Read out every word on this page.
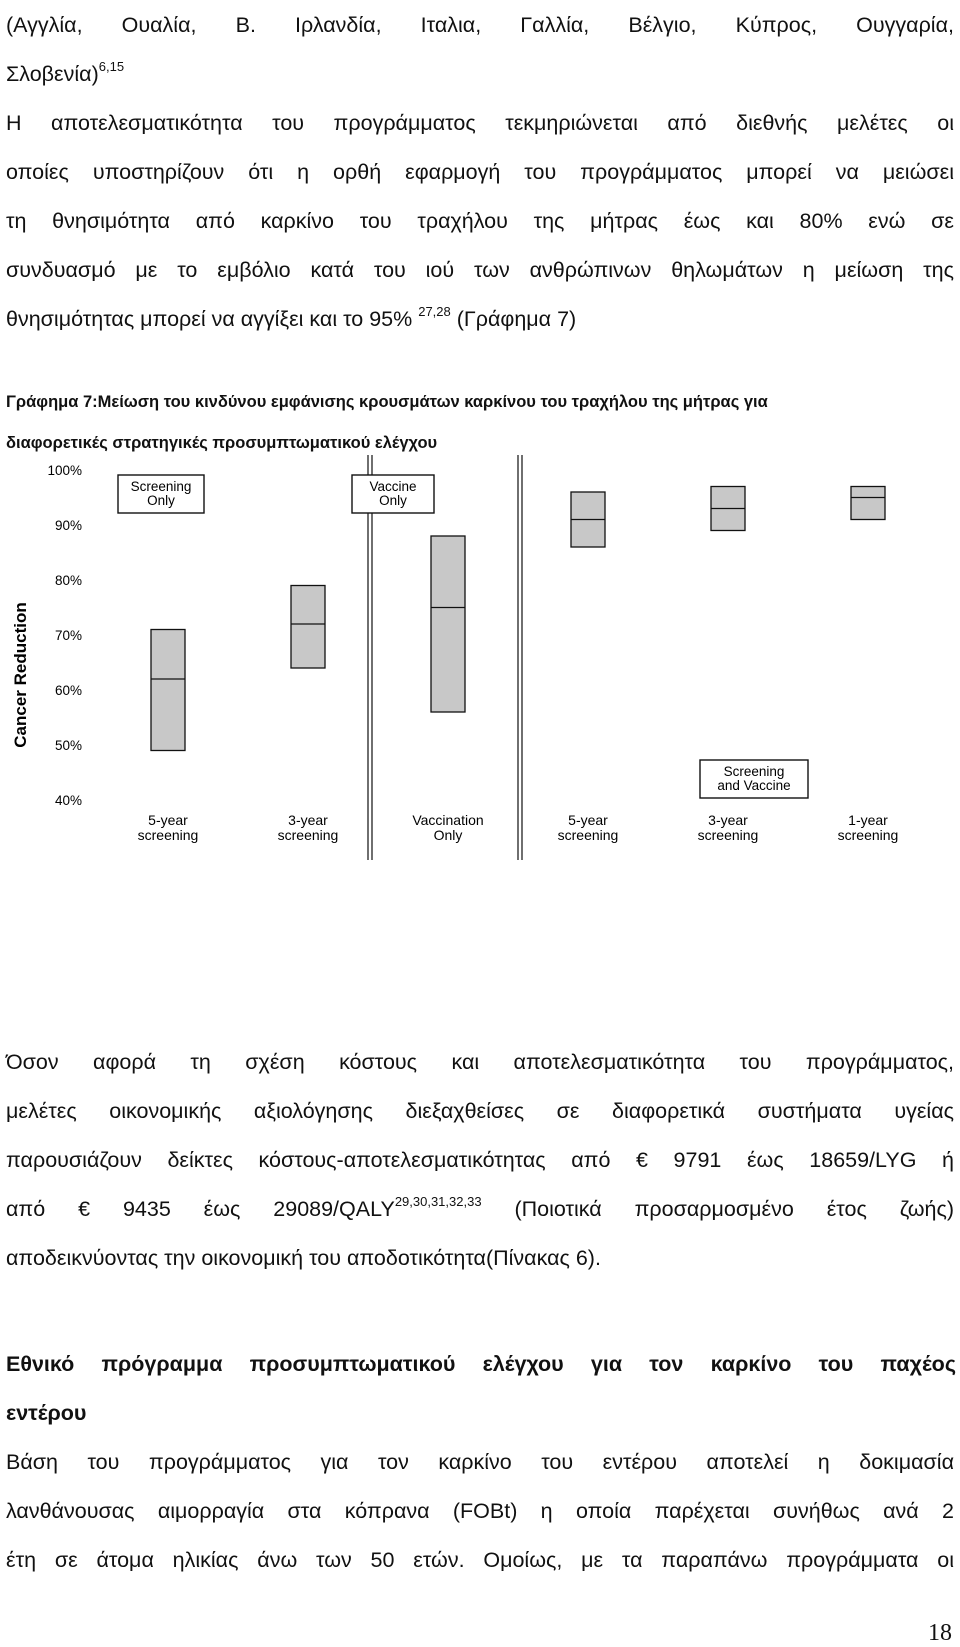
(Αγγλία, Ουαλία, Β. Ιρλανδία, Ιταλια, Γαλλία, Βέλγιο, Κύπρος, Ουγγαρία,
Σλοβενία)$^{6,15}$
Η αποτελεσματικότητα του προγράμματος τεκμηριώνεται από διεθνής μελέτες οι
οποίες υποστηρίζουν ότι η ορθή εφαρμογή του προγράμματος μπορεί να μειώσει
τη θνησιμότητα από καρκίνο του τραχήλου της μήτρας έως και 80% ενώ σε
συνδυασμό με το εμβόλιο κατά του ιού των ανθρώπινων θηλωμάτων η μείωση της
θνησιμότητας μπορεί να αγγίξει και το 95% $^{27,28}$ (Γράφημα 7)
Γράφημα 7:Μείωση του κινδύνου εμφάνισης κρουσμάτων καρκίνου του τραχήλου της μήτρας για
διαφορετικές στρατηγικές προσυμπτωματικού ελέγχου
100%
90%
80%
70%
60%
50%
40%
Screening
Only
Vaccine
Only
Screening
and Vaccine
5-year
screening
3-year
screening
Vaccination
Only
5-year
screening
3-year
screening
1-year
screening
Cancer Reduction
Όσον αφορά τη σχέση κόστους και αποτελεσματικότητα του προγράμματος,
μελέτες οικονομικής αξιολόγησης διεξαχθείσες σε διαφορετικά συστήματα υγείας
παρουσιάζουν δείκτες κόστους-αποτελεσματικότητας από € 9791 έως 18659/LYG ή
από € 9435 έως 29089/QALY$^{29,30,31,32,33}$ (Ποιοτικά προσαρμοσμένο έτος ζωής)
αποδεικνύοντας την οικονομική του αποδοτικότητα(Πίνακας 6).
Εθνικό πρόγραμμα προσυμπτωματικού ελέγχου για τον καρκίνο του παχέος
εντέρου
Βάση του προγράμματος για τον καρκίνο του εντέρου αποτελεί η δοκιμασία
λανθάνουσας αιμορραγία στα κόπρανα (FOBt) η οποία παρέχεται συνήθως ανά 2
έτη σε άτομα ηλικίας άνω των 50 ετών. Ομοίως, με τα παραπάνω προγράμματα οι
18
